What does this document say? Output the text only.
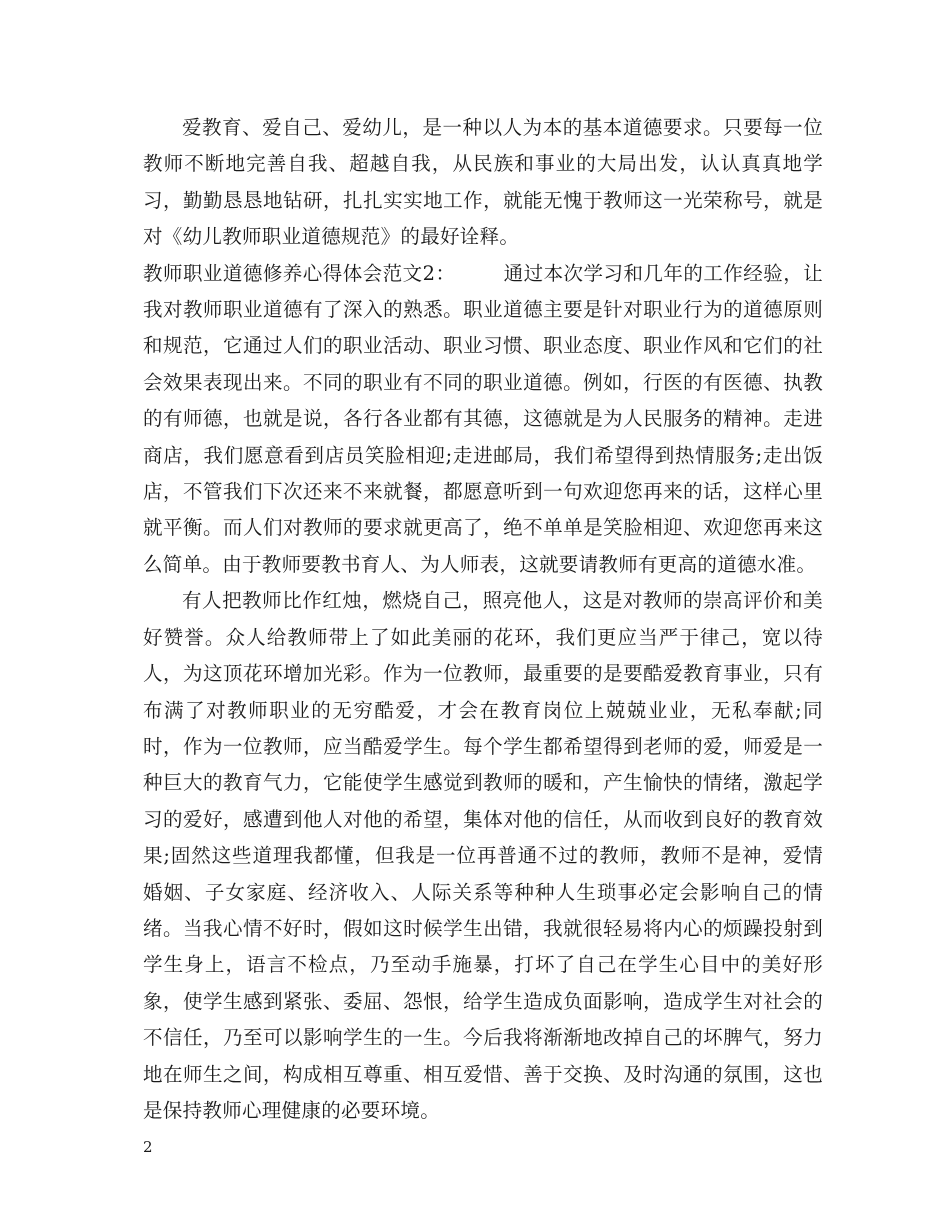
爱教育、爱自己、爱幼儿，是一种以人为本的基本道德要求。只要每一位教师不断地完善自我、超越自我，从民族和事业的大局出发，认认真真地学习，勤勤恳恳地钻研，扎扎实实地工作，就能无愧于教师这一光荣称号，就是对《幼儿教师职业道德规范》的最好诠释。

教师职业道德修养心得体会范文2： 通过本次学习和几年的工作经验，让我对教师职业道德有了深入的熟悉。职业道德主要是针对职业行为的道德原则和规范，它通过人们的职业活动、职业习惯、职业态度、职业作风和它们的社会效果表现出来。不同的职业有不同的职业道德。例如，行医的有医德、执教的有师德，也就是说，各行各业都有其德，这德就是为人民服务的精神。走进商店，我们愿意看到店员笑脸相迎;走进邮局，我们希望得到热情服务;走出饭店，不管我们下次还来不来就餐，都愿意听到一句欢迎您再来的话，这样心里就平衡。而人们对教师的要求就更高了，绝不单单是笑脸相迎、欢迎您再来这么简单。由于教师要教书育人、为人师表，这就要请教师有更高的道德水准。

有人把教师比作红烛，燃烧自己，照亮他人，这是对教师的崇高评价和美好赞誉。众人给教师带上了如此美丽的花环，我们更应当严于律己，宽以待人，为这顶花环增加光彩。作为一位教师，最重要的是要酷爱教育事业，只有布满了对教师职业的无穷酷爱，才会在教育岗位上兢兢业业，无私奉献;同时，作为一位教师，应当酷爱学生。每个学生都希望得到老师的爱，师爱是一种巨大的教育气力，它能使学生感觉到教师的暖和，产生愉快的情绪，激起学习的爱好，感遭到他人对他的希望，集体对他的信任，从而收到良好的教育效果;固然这些道理我都懂，但我是一位再普通不过的教师，教师不是神，爱情婚姻、子女家庭、经济收入、人际关系等种种人生琐事必定会影响自己的情绪。当我心情不好时，假如这时候学生出错，我就很轻易将内心的烦躁投射到学生身上，语言不检点，乃至动手施暴，打坏了自己在学生心目中的美好形象，使学生感到紧张、委屈、怨恨，给学生造成负面影响，造成学生对社会的不信任，乃至可以影响学生的一生。今后我将渐渐地改掉自己的坏脾气，努力地在师生之间，构成相互尊重、相互爱惜、善于交换、及时沟通的氛围，这也是保持教师心理健康的必要环境。

2
